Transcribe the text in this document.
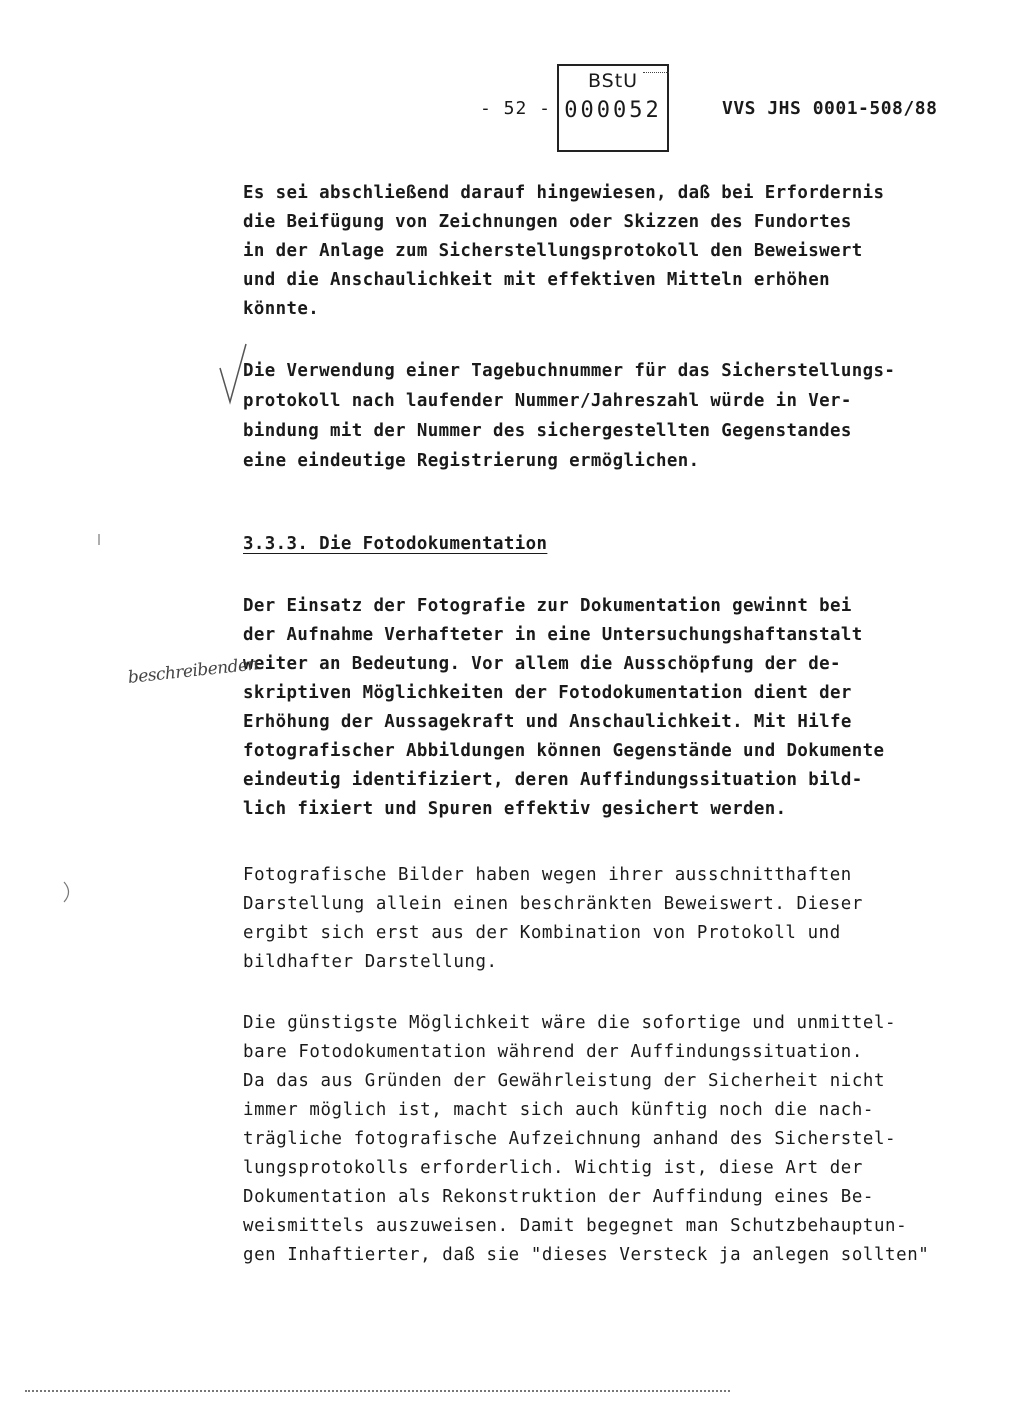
- 52 -
BStU
000052	VVS JHS 0001-508/88
Es sei abschließend darauf hingewiesen, daß bei Erfordernis
die Beifügung von Zeichnungen oder Skizzen des Fundortes
in der Anlage zum Sicherstellungsprotokoll den Beweiswert
und die Anschaulichkeit mit effektiven Mitteln erhöhen
könnte.
Die Verwendung einer Tagebuchnummer für das Sicherstellungs-
protokoll nach laufender Nummer/Jahreszahl würde in Ver-
bindung mit der Nummer des sichergestellten Gegenstandes
eine eindeutige Registrierung ermöglichen.
3.3.3. Die Fotodokumentation
Der Einsatz der Fotografie zur Dokumentation gewinnt bei
der Aufnahme Verhafteter in eine Untersuchungshaftanstalt
weiter an Bedeutung. Vor allem die Ausschöpfung der de-
skriptiven Möglichkeiten der Fotodokumentation dient der
Erhöhung der Aussagekraft und Anschaulichkeit. Mit Hilfe
fotografischer Abbildungen können Gegenstände und Dokumente
eindeutig identifiziert, deren Auffindungssituation bild-
lich fixiert und Spuren effektiv gesichert werden.
beschreibenden
Fotografische Bilder haben wegen ihrer ausschnitthaften
Darstellung allein einen beschränkten Beweiswert. Dieser
ergibt sich erst aus der Kombination von Protokoll und
bildhafter Darstellung.
Die günstigste Möglichkeit wäre die sofortige und unmittel-
bare Fotodokumentation während der Auffindungssituation.
Da das aus Gründen der Gewährleistung der Sicherheit nicht
immer möglich ist, macht sich auch künftig noch die nach-
trägliche fotografische Aufzeichnung anhand des Sicherstel-
lungsprotokolls erforderlich. Wichtig ist, diese Art der
Dokumentation als Rekonstruktion der Auffindung eines Be-
weismittels auszuweisen. Damit begegnet man Schutzbehauptun-
gen Inhaftierter, daß sie "dieses Versteck ja anlegen sollten"
